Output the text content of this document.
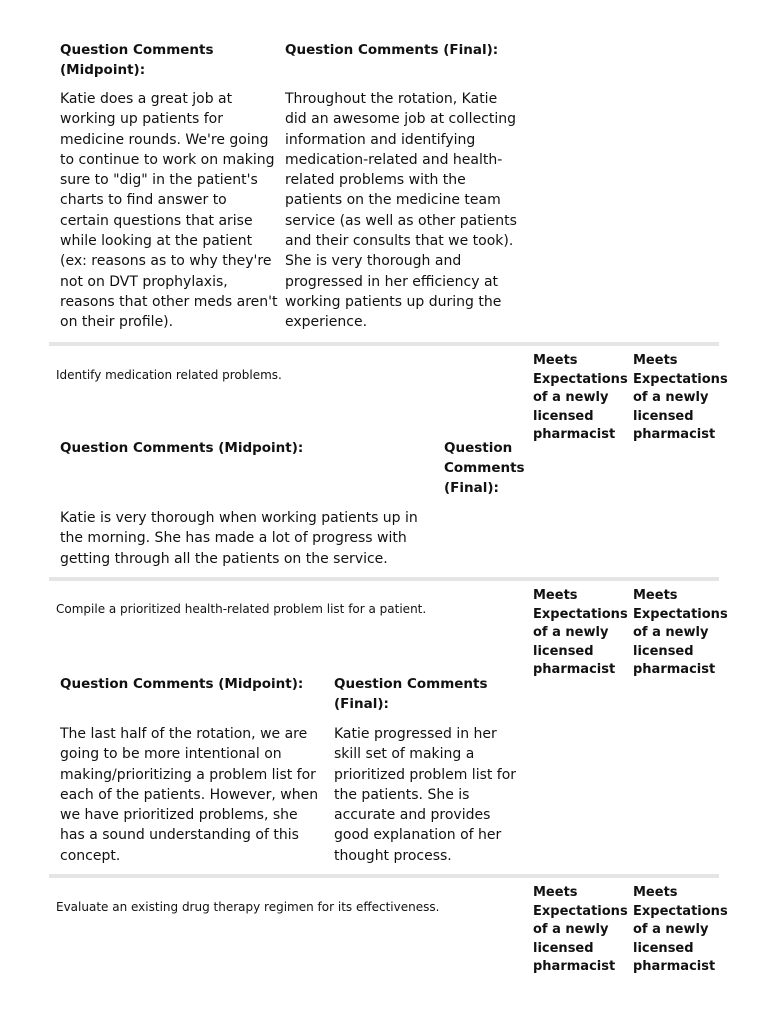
Question Comments (Midpoint):
Question Comments (Final):
Katie does a great job at working up patients for medicine rounds. We're going to continue to work on making sure to "dig" in the patient's charts to find answer to certain questions that arise while looking at the patient (ex: reasons as to why they're not on DVT prophylaxis, reasons that other meds aren't on their profile).
Throughout the rotation, Katie did an awesome job at collecting information and identifying medication-related and health-related problems with the patients on the medicine team service (as well as other patients and their consults that we took). She is very thorough and progressed in her efficiency at working patients up during the experience.
Identify medication related problems.
Meets Expectations of a newly licensed pharmacist
Meets Expectations of a newly licensed pharmacist
Question Comments (Midpoint):	Question Comments (Final):
Katie is very thorough when working patients up in the morning. She has made a lot of progress with getting through all the patients on the service.
Compile a prioritized health-related problem list for a patient.
Meets Expectations of a newly licensed pharmacist
Meets Expectations of a newly licensed pharmacist
Question Comments (Midpoint):	Question Comments (Final):
The last half of the rotation, we are going to be more intentional on making/prioritizing a problem list for each of the patients. However, when we have prioritized problems, she has a sound understanding of this concept.
Katie progressed in her skill set of making a prioritized problem list for the patients. She is accurate and provides good explanation of her thought process.
Evaluate an existing drug therapy regimen for its effectiveness.
Meets Expectations of a newly licensed pharmacist
Meets Expectations of a newly licensed pharmacist
